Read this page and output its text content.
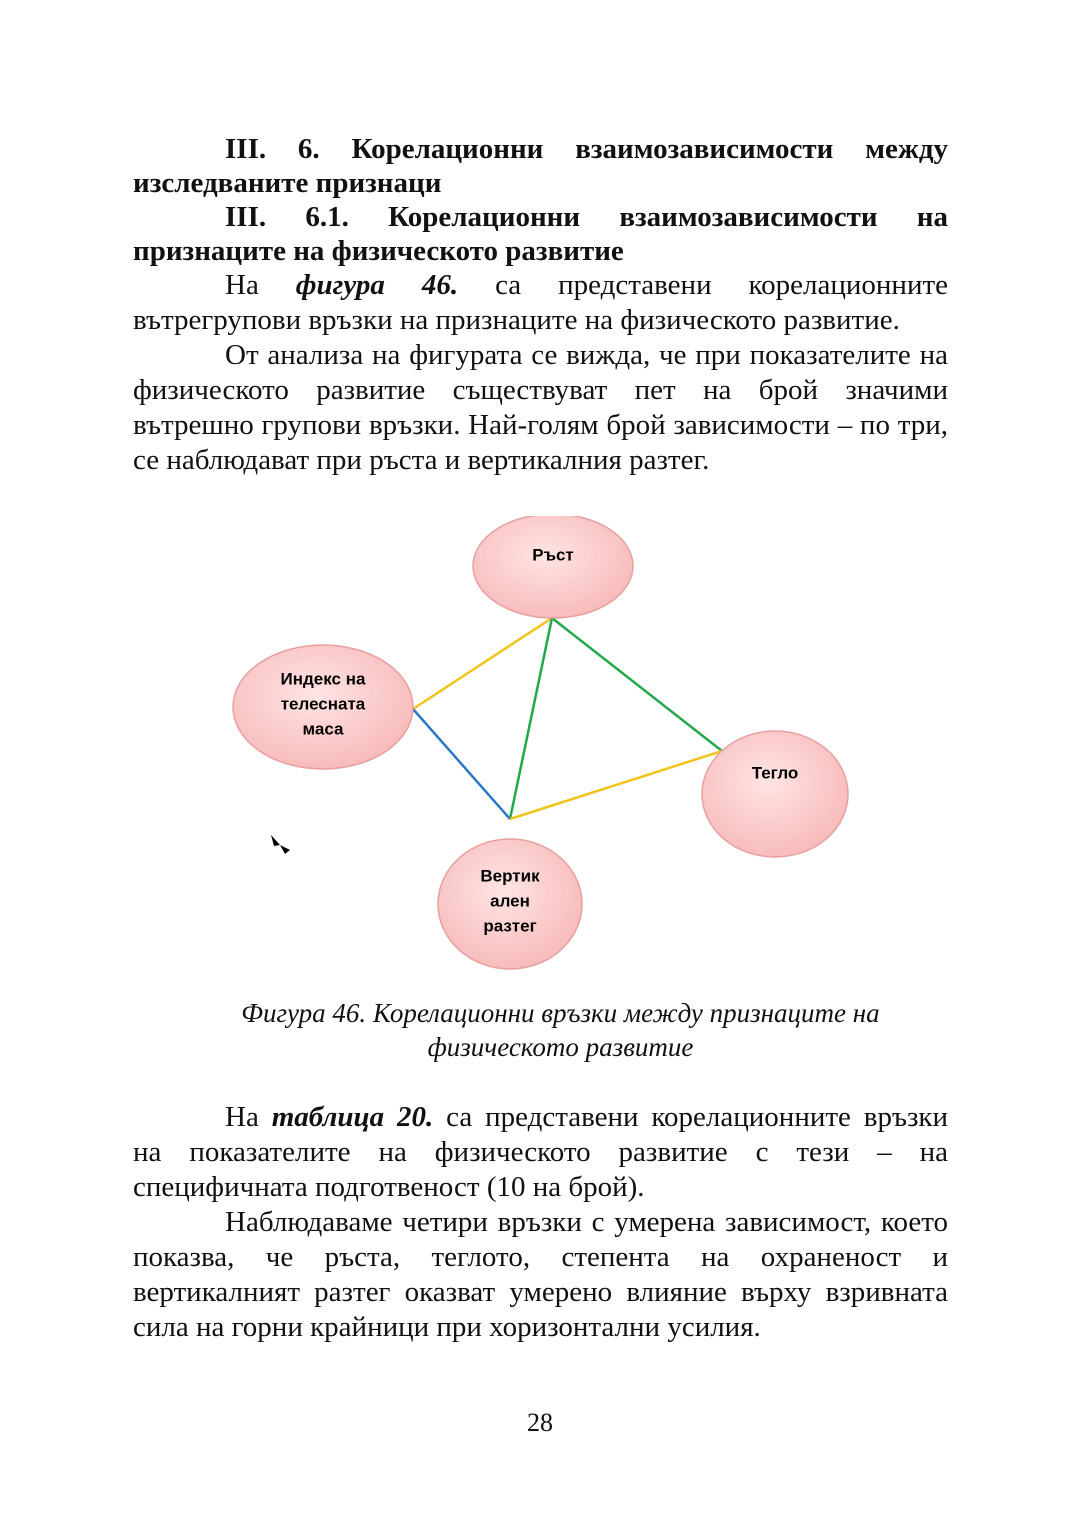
III. 6. Корелационни взаимозависимости между изследваните признаци

III. 6.1. Корелационни взаимозависимости на признаците на физическото развитие

На фигура 46. са представени корелационните вътрегрупови връзки на признаците на физическото развитие.

От анализа на фигурата се вижда, че при показателите на физическото развитие съществуват пет на брой значими вътрешно групови връзки. Най-голям брой зависимости – по три, се наблюдават при ръста и вертикалния разтег.

Ръст
Индекс на
телесната
маса
Тегло
Вертик
ален
разтег

Фигура 46. Корелационни връзки между признаците на
физическото развитие

На таблица 20. са представени корелационните връзки на показателите на физическото развитие с тези – на специфичната подготвеност (10 на брой).

Наблюдаваме четири връзки с умерена зависимост, което показва, че ръста, теглото, степента на охраненост и вертикалният разтег оказват умерено влияние върху взривната сила на горни крайници при хоризонтални усилия.

28
